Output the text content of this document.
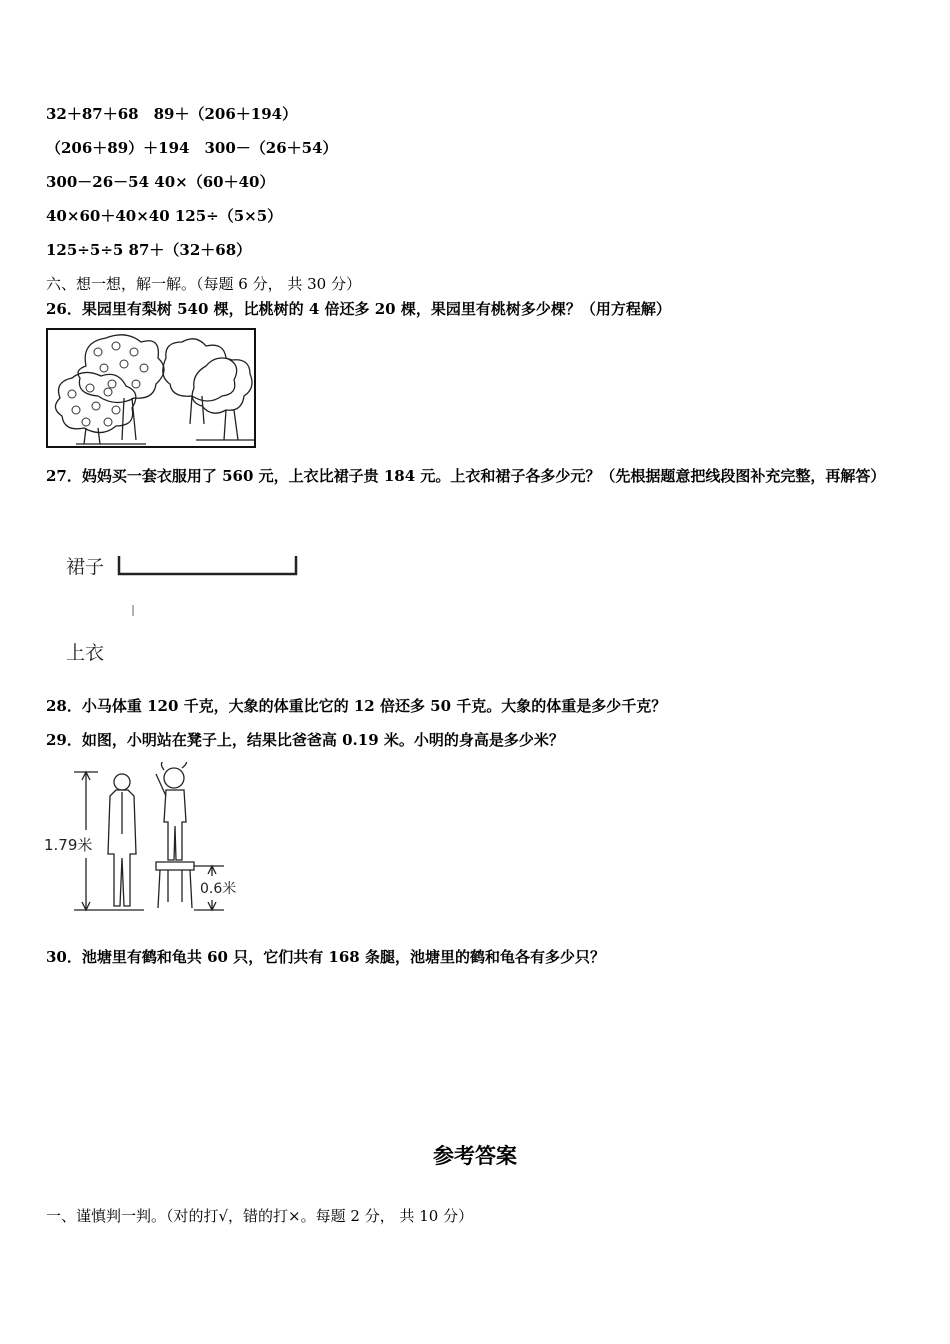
32＋87＋68　89＋（206＋194）
（206＋89）＋194　300－（26＋54）
300－26－54 40×（60＋40）
40×60＋40×40 125÷（5×5）
125÷5÷5 87＋（32＋68）
六、想一想，解一解。（每题 6 分， 共 30 分）
26．果园里有梨树 540 棵，比桃树的 4 倍还多 20 棵，果园里有桃树多少棵？（用方程解）
27．妈妈买一套衣服用了 560 元，上衣比裙子贵 184 元。上衣和裙子各多少元？（先根据题意把线段图补充完整，再解答）
裙子
上衣
28．小马体重 120 千克，大象的体重比它的 12 倍还多 50 千克。大象的体重是多少千克？
29．如图，小明站在凳子上，结果比爸爸高 0.19 米。小明的身高是多少米？
1.79米
0.6米
30．池塘里有鹤和龟共 60 只，它们共有 168 条腿，池塘里的鹤和龟各有多少只？
参考答案
一、谨慎判一判。（对的打√，错的打×。每题 2 分， 共 10 分）
